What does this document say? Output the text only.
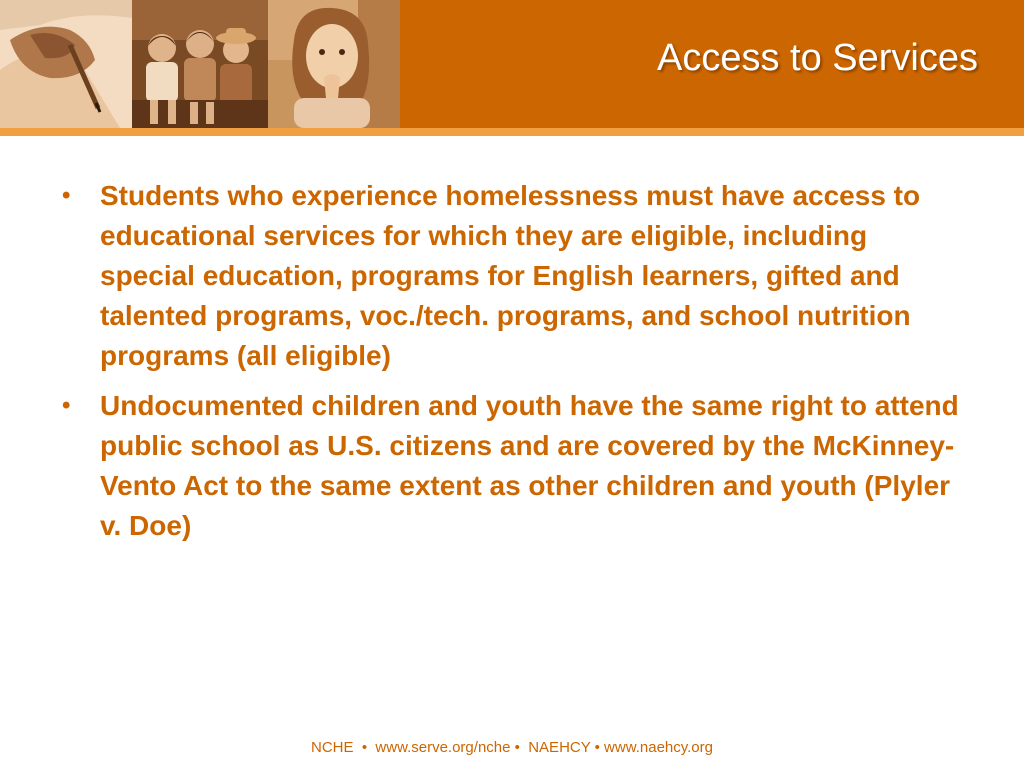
Access to Services
•	Students who experience homelessness must have access to educational services for which they are eligible, including special education, programs for English learners, gifted and talented programs, voc./tech. programs, and school nutrition programs (all eligible)
•	Undocumented children and youth have the same right to attend public school as U.S. citizens and are covered by the McKinney-Vento Act to the same extent as other children and youth (Plyler v. Doe)
NCHE  •  www.serve.org/nche •  NAEHCY • www.naehcy.org
